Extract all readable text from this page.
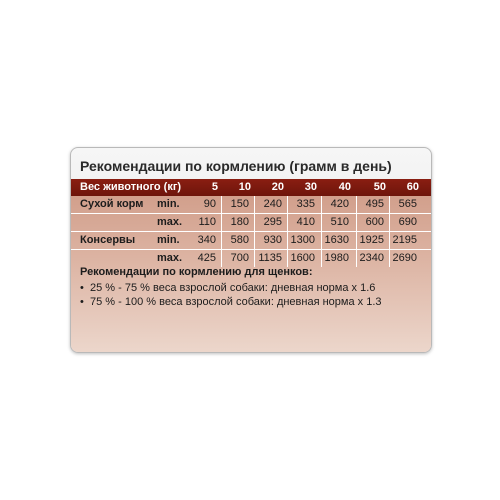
Рекомендации по кормлению (грамм в день)
Вес животного (кг)	5	10	20	30	40	50	60
Сухой корм min.	90	150	240	335	420	495	565
max.	110	180	295	410	510	600	690
Консервы min.	340	580	930 1300 1630 1925 2195
max.	425	700 1135 1600 1980 2340 2690
Рекомендации по кормлению для щенков:
• 25 % - 75 % веса взрослой собаки: дневная норма x 1.6
• 75 % - 100 % веса взрослой собаки: дневная норма x 1.3
